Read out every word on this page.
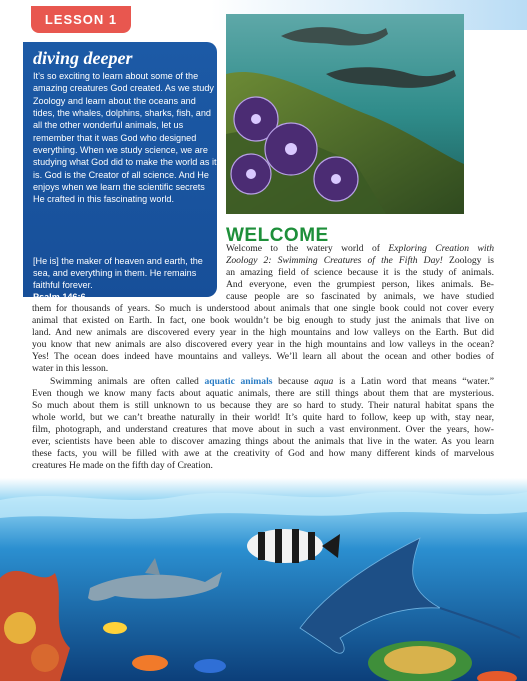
LESSON 1
diving deeper
It’s so exciting to learn about some of the amazing creatures God created. As we study Zoology and learn about the oceans and tides, the whales, dolphins, sharks, fish, and all the other wonderful animals, let us remember that it was God who designed everything. When we study science, we are studying what God did to make the world as it is. God is the Creator of all science. And He enjoys when we learn the scientific secrets He crafted in this fascinating world.
[He is] the maker of heaven and earth, the sea, and everything in them. He remains faithful forever.
Psalm 146:6
WELCOME
Welcome to the watery world of Exploring Creation with
Zoology 2: Swimming Creatures of the Fifth Day! Zoology is
an amazing field of science because it is the study of animals.
And everyone, even the grumpiest person, likes animals. Be-
cause people are so fascinated by animals, we have studied
them for thousands of years. So much is understood about animals that one single book could not cover every
animal that existed on Earth. In fact, one book wouldn’t be big enough to study just the animals that live on
land. And new animals are discovered every year in the high mountains and low valleys on the Earth. But did
you know that new animals are also discovered every year in the high mountains and low valleys in the ocean?
Yes! The ocean does indeed have mountains and valleys. We’ll learn all about the ocean and other bodies of
water in this lesson.
Swimming animals are often called aquatic animals because aqua is a Latin word that means “water.”
Even though we know many facts about aquatic animals, there are still things about them that are mysterious.
So much about them is still unknown to us because they are so hard to study. Their natural habitat spans the
whole world, but we can’t breathe naturally in their world! It’s quite hard to follow, keep up with, stay near,
film, photograph, and understand creatures that move about in such a vast environment. Over the years, how-
ever, scientists have been able to discover amazing things about the animals that live in the water. As you learn
these facts, you will be filled with awe at the creativity of God and how many different kinds of marvelous
creatures He made on the fifth day of Creation.
